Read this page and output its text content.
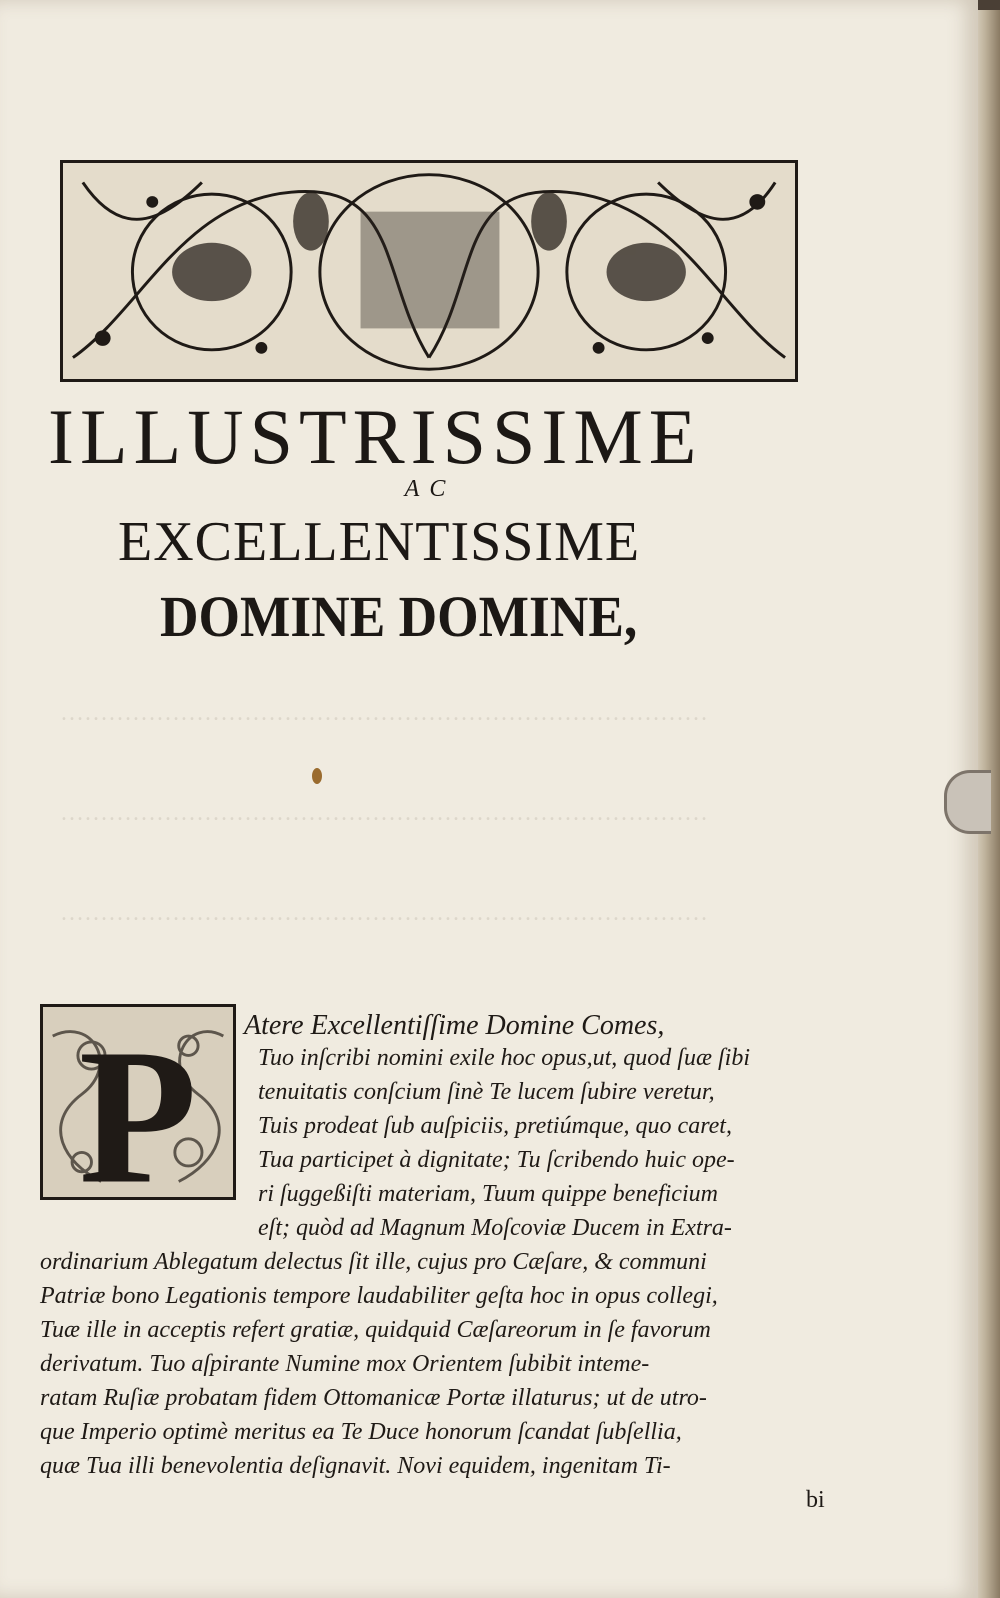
………………………………………………………………………
………………………………………………………………………
………………………………………………………………………
ILLUSTRISSIME
AC
EXCELLENTISSIME
DOMINE DOMINE,
P Atere Excellentiſſime Domine Comes,
Tuo inſcribi nomini exile hoc opus,ut, quod ſuæ ſibi
tenuitatis conſcium ſinè Te lucem ſubire veretur,
Tuis prodeat ſub auſpiciis, pretiúmque, quo caret,
Tua participet à dignitate; Tu ſcribendo huic ope-
ri ſuggeßiſti materiam, Tuum quippe beneficium
eſt; quòd ad Magnum Moſcoviæ Ducem in Extra-
ordinarium Ablegatum delectus ſit ille, cujus pro Cæſare, & communi
Patriæ bono Legationis tempore laudabiliter geſta hoc in opus collegi,
Tuæ ille in acceptis refert gratiæ, quidquid Cæſareorum in ſe favorum
derivatum. Tuo aſpirante Numine mox Orientem ſubibit inteme-
ratam Ruſiæ probatam fidem Ottomanicæ Portæ illaturus; ut de utro-
que Imperio optimè meritus ea Te Duce honorum ſcandat ſubſellia,
quæ Tua illi benevolentia deſignavit. Novi equidem, ingenitam Ti-
bi
